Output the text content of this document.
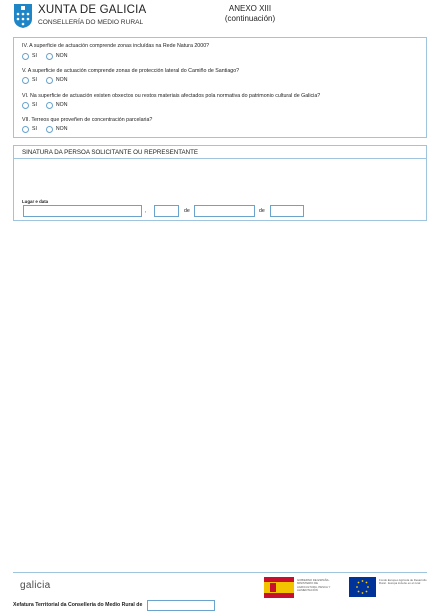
XUNTA DE GALICIA
CONSELLERÍA DO MEDIO RURAL
ANEXO XIII
(continuación)
IV. A superficie de actuación comprende zonas incluídas na Rede Natura 2000?
SI	NON
V. A superficie de actuación comprende zonas de protección lateral do Camiño de Santiago?
SI	NON
VI. Na superficie de actuación existen obxectos ou restos materiais afectados pola normativa do patrimonio cultural de Galicia?
SI	NON
VII. Terreos que proveñen de concentración parcelaria?
SI	NON
SINATURA DA PERSOA SOLICITANTE OU REPRESENTANTE
Lugar e data
,	de	de
galicia	GOBIERNO DE ESPAÑA · MINISTERIO DE AGRICULTURA, PESCA Y ALIMENTACIÓN
Fondo Europeo Agrícola de Desarrollo Rural · Europa invierte en el rural
Xefatura Territorial da Consellería do Medio Rural de
